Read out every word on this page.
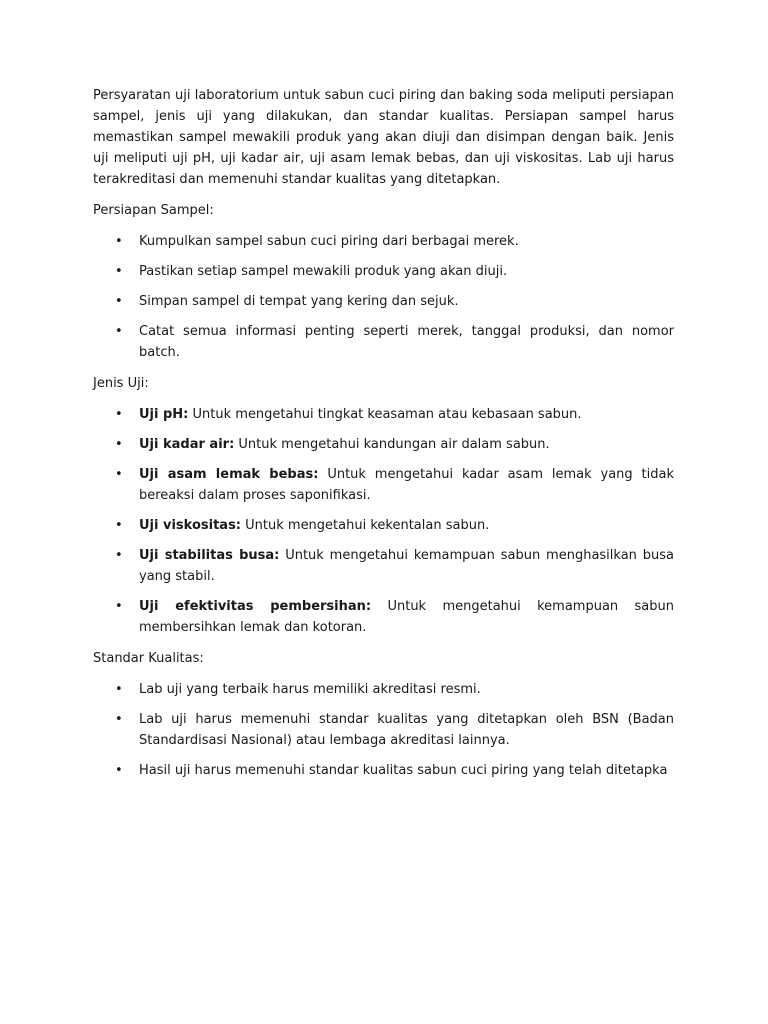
Persyaratan uji laboratorium untuk sabun cuci piring dan baking soda meliputi persiapan sampel, jenis uji yang dilakukan, dan standar kualitas. Persiapan sampel harus memastikan sampel mewakili produk yang akan diuji dan disimpan dengan baik. Jenis uji meliputi uji pH, uji kadar air, uji asam lemak bebas, dan uji viskositas. Lab uji harus terakreditasi dan memenuhi standar kualitas yang ditetapkan.

Persiapan Sampel:

• Kumpulkan sampel sabun cuci piring dari berbagai merek.
• Pastikan setiap sampel mewakili produk yang akan diuji.
• Simpan sampel di tempat yang kering dan sejuk.
• Catat semua informasi penting seperti merek, tanggal produksi, dan nomor batch.

Jenis Uji:

• Uji pH: Untuk mengetahui tingkat keasaman atau kebasaan sabun.
• Uji kadar air: Untuk mengetahui kandungan air dalam sabun.
• Uji asam lemak bebas: Untuk mengetahui kadar asam lemak yang tidak bereaksi dalam proses saponifikasi.
• Uji viskositas: Untuk mengetahui kekentalan sabun.
• Uji stabilitas busa: Untuk mengetahui kemampuan sabun menghasilkan busa yang stabil.
• Uji efektivitas pembersihan: Untuk mengetahui kemampuan sabun membersihkan lemak dan kotoran.

Standar Kualitas:

• Lab uji yang terbaik harus memiliki akreditasi resmi.
• Lab uji harus memenuhi standar kualitas yang ditetapkan oleh BSN (Badan Standardisasi Nasional) atau lembaga akreditasi lainnya.
• Hasil uji harus memenuhi standar kualitas sabun cuci piring yang telah ditetapka
